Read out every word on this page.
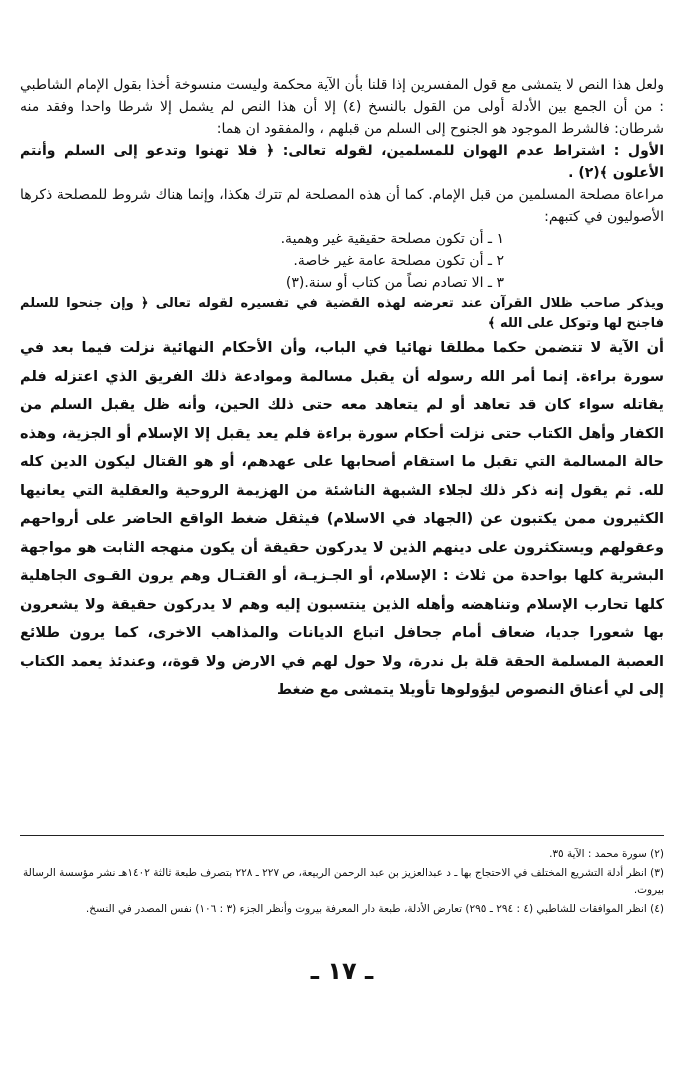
ولعل هذا النص لا يتمشى مع قول المفسرين إذا قلنا بأن الآية محكمة وليست منسوخة أخذا بقول الإمام الشاطبي : من أن الجمع بين الأدلة أولى من القول بالنسخ (٤) إلا أن هذا النص لم يشمل إلا شرطا واحدا وفقد منه شرطان: فالشرط الموجود هو الجنوح إلى السلم من قبلهم ، والمفقود ان هما:

الأول : اشتراط عدم الهوان للمسلمين، لقوله تعالى: ﴿ فلا تهنوا وتدعو إلى السلم وأنتم الأعلون ﴾(٢) .

مراعاة مصلحة المسلمين من قبل الإمام. كما أن هذه المصلحة لم تترك هكذا، وإنما هناك شروط للمصلحة ذكرها الأصوليون في كتبهم:

١ ـ أن تكون مصلحة حقيقية غير وهمية.
٢ ـ أن تكون مصلحة عامة غير خاصة.
٣ ـ الا تصادم نصاً من كتاب أو سنة.(٣)

ويذكر صاحب ظلال القرآن عند تعرضه لهذه القضية في تفسيره لقوله تعالى ﴿ وإن جنحوا للسلم فاجنح لها وتوكل على الله ﴾

أن الآية لا تتضمن حكما مطلقا نهائيا في الباب، وأن الأحكام النهائية نزلت فيما بعد في سورة براءة. إنما أمر الله رسوله أن يقبل مسالمة وموادعة ذلك الفريق الذي اعتزله فلم يقاتله سواء كان قد تعاهد أو لم يتعاهد معه حتى ذلك الحين، وأنه ظل يقبل السلم من الكفار وأهل الكتاب حتى نزلت أحكام سورة براءة فلم يعد يقبل إلا الإسلام أو الجزية، وهذه حالة المسالمة التي تقبل ما استقام أصحابها على عهدهم، أو هو القتال ليكون الدين كله لله. ثم يقول إنه ذكر ذلك لجلاء الشبهة الناشئة من الهزيمة الروحية والعقلية التي يعانيها الكثيرون ممن يكتبون عن (الجهاد في الاسلام) فيثقل ضغط الواقع الحاضر على أرواحهم وعقولهم ويستكثرون على دينهم الذين لا يدركون حقيقة أن يكون منهجه الثابت هو مواجهة البشرية كلها بواحدة من ثلاث : الإسلام، أو الجـزيـة، أو القتـال وهم يرون القـوى الجاهلية كلها تحارب الإسلام وتناهضه وأهله الذين ينتسبون إليه وهم لا يدركون حقيقة ولا يشعرون بها شعورا جديا، ضعاف أمام جحافل اتباع الديانات والمذاهب الاخرى، كما يرون طلائع العصبة المسلمة الحقة قلة بل ندرة، ولا حول لهم في الارض ولا قوة،، وعندئذ يعمد الكتاب إلى لي أعناق النصوص ليؤولوها تأويلا يتمشى مع ضغط

(٢) سورة محمد : الآية ٣٥.

(٣) انظر أدلة التشريع المختلف في الاحتجاج بها ـ د عبدالعزيز بن عبد الرحمن الربيعة، ص ٢٢٧ ـ ٢٢٨ بتصرف طبعة ثالثة ١٤٠٢هـ نشر مؤسسة الرسالة بيروت.

(٤) انظر الموافقات للشاطبي (٤ : ٢٩٤ ـ ٢٩٥) تعارض الأدلة، طبعة دار المعرفة بيروت وأنظر الجزء (٣ : ١٠٦) نفس المصدر في النسخ.

ـ ١٧ ـ
